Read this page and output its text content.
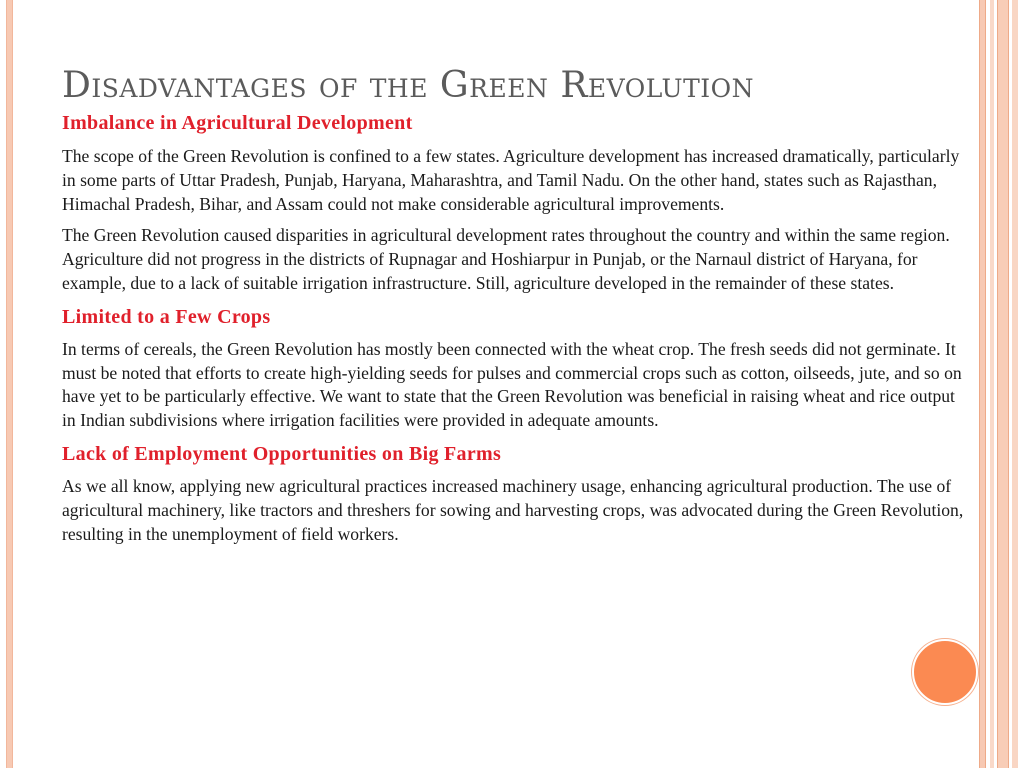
Disadvantages of the Green Revolution
Imbalance in Agricultural Development

The scope of the Green Revolution is confined to a few states. Agriculture development has increased dramatically, particularly in some parts of Uttar Pradesh, Punjab, Haryana, Maharashtra, and Tamil Nadu. On the other hand, states such as Rajasthan, Himachal Pradesh, Bihar, and Assam could not make considerable agricultural improvements.

The Green Revolution caused disparities in agricultural development rates throughout the country and within the same region. Agriculture did not progress in the districts of Rupnagar and Hoshiarpur in Punjab, or the Narnaul district of Haryana, for example, due to a lack of suitable irrigation infrastructure. Still, agriculture developed in the remainder of these states.

Limited to a Few Crops

In terms of cereals, the Green Revolution has mostly been connected with the wheat crop. The fresh seeds did not germinate. It must be noted that efforts to create high-yielding seeds for pulses and commercial crops such as cotton, oilseeds, jute, and so on have yet to be particularly effective. We want to state that the Green Revolution was beneficial in raising wheat and rice output in Indian subdivisions where irrigation facilities were provided in adequate amounts.

Lack of Employment Opportunities on Big Farms

As we all know, applying new agricultural practices increased machinery usage, enhancing agricultural production. The use of agricultural machinery, like tractors and threshers for sowing and harvesting crops, was advocated during the Green Revolution, resulting in the unemployment of field workers.
